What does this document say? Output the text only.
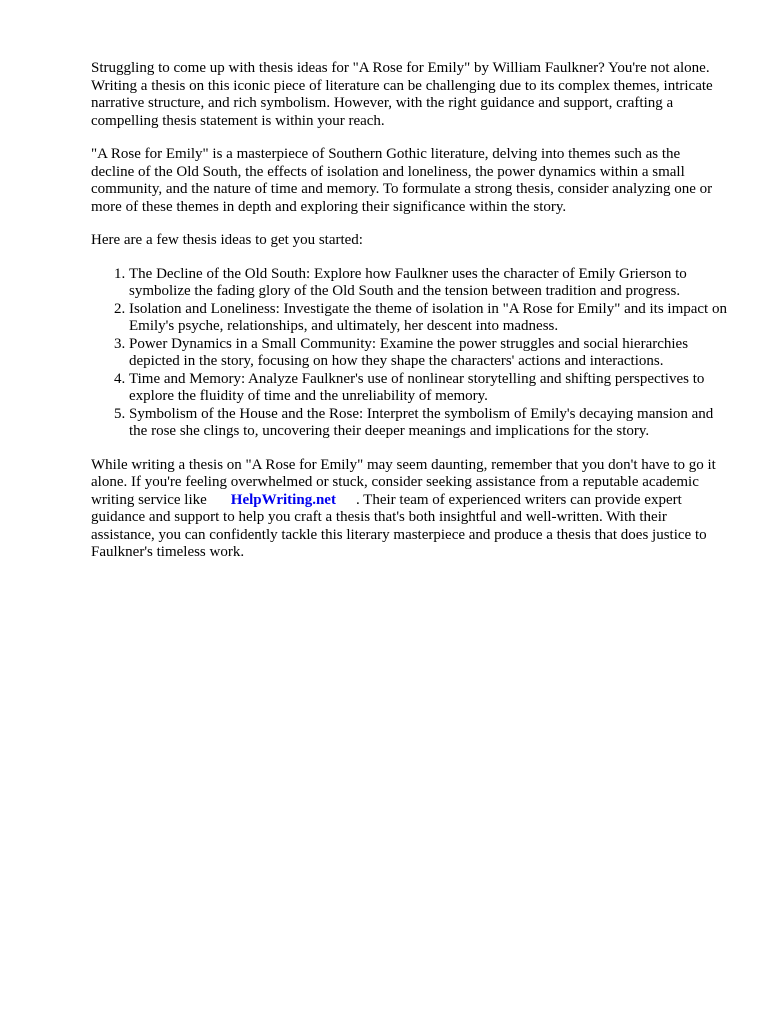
Struggling to come up with thesis ideas for "A Rose for Emily" by William Faulkner? You're not alone. Writing a thesis on this iconic piece of literature can be challenging due to its complex themes, intricate narrative structure, and rich symbolism. However, with the right guidance and support, crafting a compelling thesis statement is within your reach.

"A Rose for Emily" is a masterpiece of Southern Gothic literature, delving into themes such as the decline of the Old South, the effects of isolation and loneliness, the power dynamics within a small community, and the nature of time and memory. To formulate a strong thesis, consider analyzing one or more of these themes in depth and exploring their significance within the story.

Here are a few thesis ideas to get you started:

1. The Decline of the Old South: Explore how Faulkner uses the character of Emily Grierson to symbolize the fading glory of the Old South and the tension between tradition and progress.
2. Isolation and Loneliness: Investigate the theme of isolation in "A Rose for Emily" and its impact on Emily's psyche, relationships, and ultimately, her descent into madness.
3. Power Dynamics in a Small Community: Examine the power struggles and social hierarchies depicted in the story, focusing on how they shape the characters' actions and interactions.
4. Time and Memory: Analyze Faulkner's use of nonlinear storytelling and shifting perspectives to explore the fluidity of time and the unreliability of memory.
5. Symbolism of the House and the Rose: Interpret the symbolism of Emily's decaying mansion and the rose she clings to, uncovering their deeper meanings and implications for the story.

While writing a thesis on "A Rose for Emily" may seem daunting, remember that you don't have to go it alone. If you're feeling overwhelmed or stuck, consider seeking assistance from a reputable academic writing service like HelpWriting.net . Their team of experienced writers can provide expert guidance and support to help you craft a thesis that's both insightful and well-written. With their assistance, you can confidently tackle this literary masterpiece and produce a thesis that does justice to Faulkner's timeless work.
